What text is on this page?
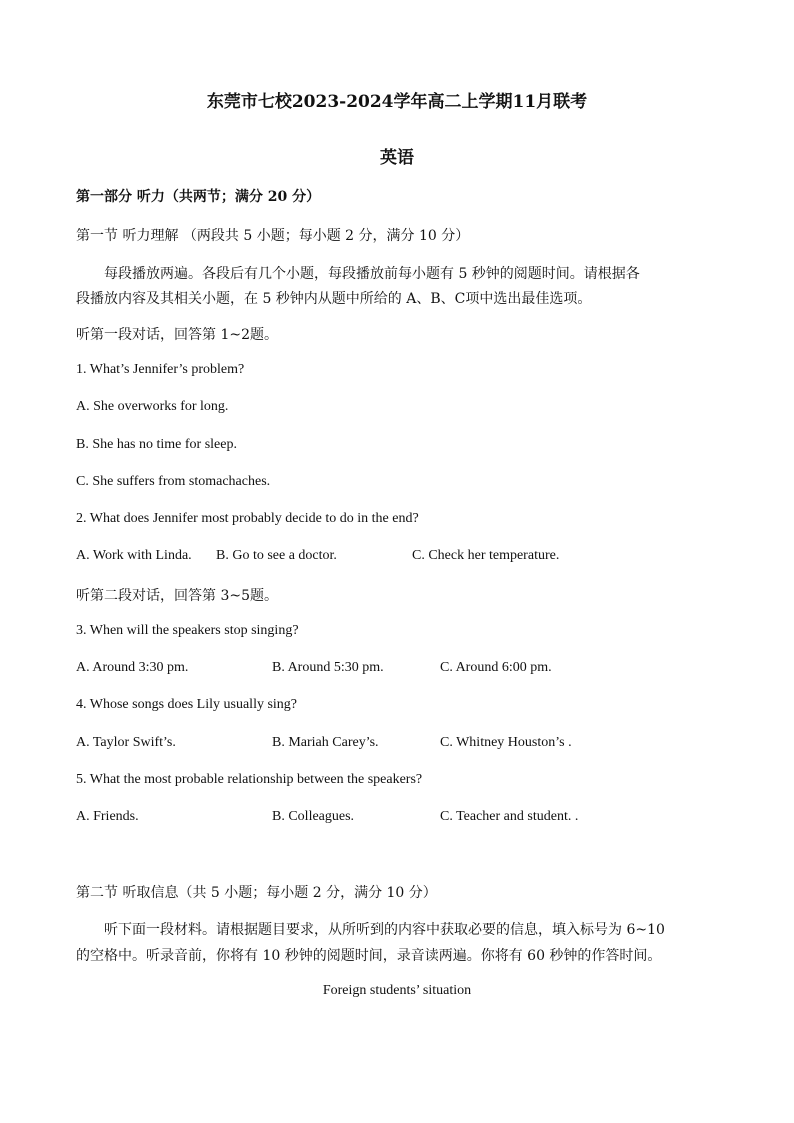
东莞市七校2023-2024学年高二上学期11月联考
英语
第一部分 听力（共两节；满分 20 分）
第一节 听力理解 （两段共 5 小题；每小题 2 分，满分 10 分）
每段播放两遍。各段后有几个小题，每段播放前每小题有 5 秒钟的阅题时间。请根据各
段播放内容及其相关小题，在 5 秒钟内从题中所给的 A、B、C项中选出最佳选项。
听第一段对话，回答第 1~2题。
1. What’s Jennifer’s problem?
A. She overworks for long.
B. She has no time for sleep.
C. She suffers from stomachaches.
2. What does Jennifer most probably decide to do in the end?
A. Work with Linda. B. Go to see a doctor.	C. Check her temperature.
听第二段对话，回答第 3~5题。
3. When will the speakers stop singing?
A. Around 3:30 pm.	B. Around 5:30 pm.	C. Around 6:00 pm.
4. Whose songs does Lily usually sing?
A. Taylor Swift’s.	B. Mariah Carey’s.	C. Whitney Houston’s .
5. What the most probable relationship between the speakers?
A. Friends.	B. Colleagues.	C. Teacher and student. .
第二节 听取信息（共 5 小题；每小题 2 分，满分 10 分）
听下面一段材料。请根据题目要求，从所听到的内容中获取必要的信息，填入标号为 6~10
的空格中。听录音前，你将有 10 秒钟的阅题时间，录音读两遍。你将有 60 秒钟的作答时间。
Foreign students’ situation
